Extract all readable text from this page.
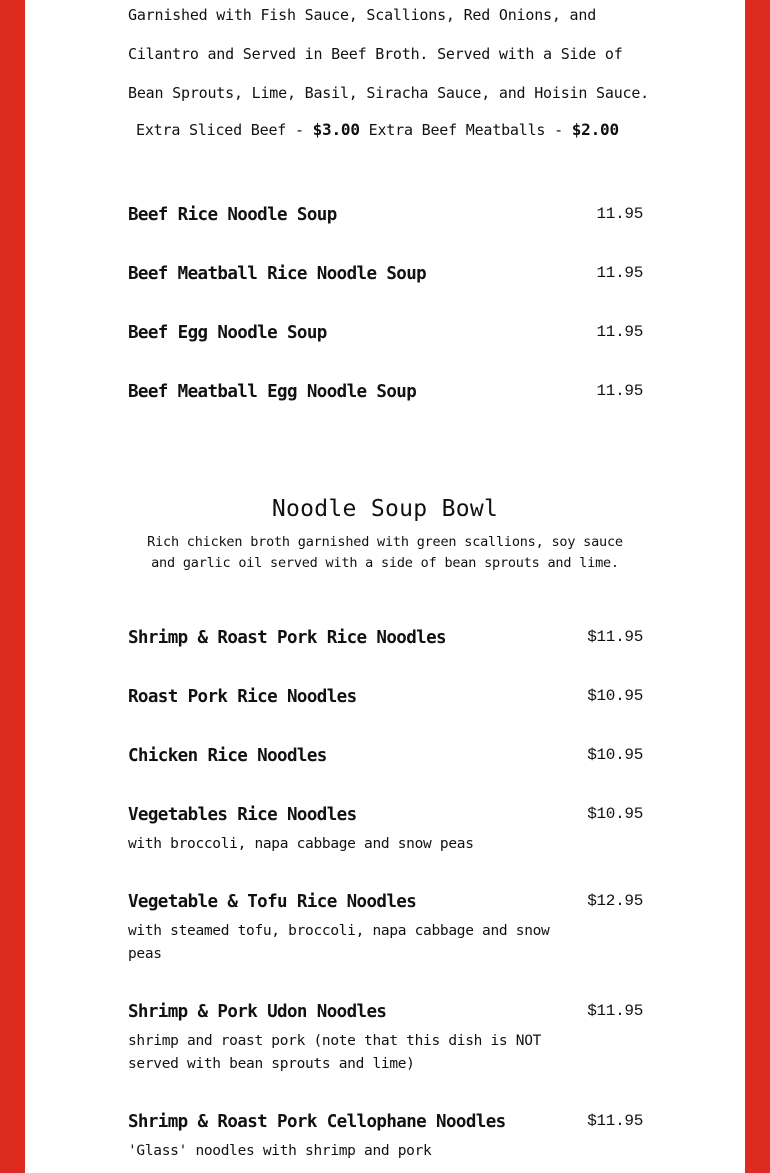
Garnished with Fish Sauce, Scallions, Red Onions, and
Cilantro and Served in Beef Broth. Served with a Side of
Bean Sprouts, Lime, Basil, Siracha Sauce, and Hoisin Sauce.
Extra Sliced Beef - $3.00 Extra Beef Meatballs - $2.00
Beef Rice Noodle Soup	11.95
Beef Meatball Rice Noodle Soup	11.95
Beef Egg Noodle Soup	11.95
Beef Meatball Egg Noodle Soup	11.95
Noodle Soup Bowl
Rich chicken broth garnished with green scallions, soy sauce and garlic oil served with a side of bean sprouts and lime.
Shrimp & Roast Pork Rice Noodles	$11.95
Roast Pork Rice Noodles	$10.95
Chicken Rice Noodles	$10.95
Vegetables Rice Noodles	$10.95
with broccoli, napa cabbage and snow peas
Vegetable & Tofu Rice Noodles	$12.95
with steamed tofu, broccoli, napa cabbage and snow peas
Shrimp & Pork Udon Noodles	$11.95
shrimp and roast pork (note that this dish is NOT served with bean sprouts and lime)
Shrimp & Roast Pork Cellophane Noodles	$11.95
'Glass' noodles with shrimp and pork
